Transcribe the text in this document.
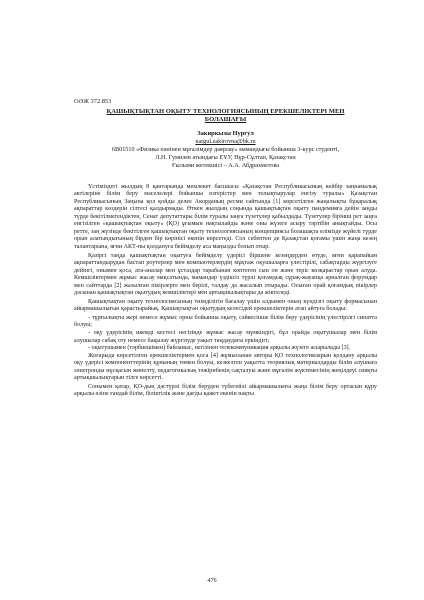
ОӘЖ 372.853

ҚАШЫҚТЫҚТАН ОҚЫТУ ТЕХНОЛОГИЯСЫНЫҢ ЕРЕКШЕЛІКТЕРІ МЕН
БОЛАШАҒЫ

Закиркызы Нургул

nargul.zakirovna@bk.ru

6В01510 «Физика пәнінен мұғалімдер даярлау» мамандығы бойынша 3-курс студенті,

Л.Н. Гумилев атындағы ЕҰУ, Нұр-Сұлтан, Қазақстан

Ғылыми жетекшісі – А.А. Абдрахметова

Үстіміздегі жылдың 8 қантарында мемлекет басшысы «Қазақстан Республикасының кейбір заңнамалық актілеріне білім беру мәселелері бойынша өзгерістер мен толықтырулар енгізу туралы» Қазақстан Республикасының Заңына қол қойды делее Акорданың ресми сайтында [1] көрсетілген жаңалықты бұқаралық ақпараттар көздерін сілтесі қалдырмады. Өткен жылдың соңында қашықтықтан оқыту пандемияға дейін заңды түрде бекітілмегендіктен, Сенат депутаттары білім туралы заңға түзетулер қабылдады. Түзетулер бірінші рет заңға енгізілген «қашықтықтан оқыту» (ҚО) ұғымын нақтылайды және оны жүзеге асыру тәртібін анықтайды. Осы ретте, заң жүзінде бекітілген қашықтықтан оқыту технологиясының концепциясы болашақта елімізде жүйелі түрде орын алатындығының бірден бір көрінісі екенін көрсетеді. Сол себептен де Қазақстан қоғамы үшін жаңа кезең талантарына, яғни АКТ-ны қолдануға бейімделу аса маңызды болып отыр.

Қазіргі таңда қашықтықтан оқытуға бейімделу үдерісі біршене кезеңдерден өтуде, яғни қарапайым ақпараттандырудан бастап роутерлер мен компьютерлердің мұқтаж оқушыларға үлестірілі, сабақтарды жүргізуге дейінгі, онымен қоса, ата-аналар мен ұстаздар тарабынан көптеген сын он және теріс көзқарастар орын алуда. Кемшіліктермен жұмыс жасау мақсатында, мамандар үздіксіз түрлі қоғамдық сұрақ-жауапқа арналған форумдар мен сайттарда [2] жазылған пікірлерге мен берілі, талдау да жасалып отырады. Осыған орай қоғамдық пікірлер дәсынан қашықтықтан оқытудың кемшіліктері мен артықшылықтары да жіктеледі.

Қашықтықтан оқыту технологиясының тиімділігін бағалау үшін алдымен оның күндізгі оқыту формасынан айырмашылығын қарастырайық. Қашықтықтан оқытудың келесідей ерекшеліктерін атап айтуға болады:

- тұрғылықты жері немесе жұмыс орны бойынша оқыту, сәйкесінше білім беру үдерісінің үлестірілгі сипатта болуы;

- оқу үдерісінің икемді кестесі негізінде жұмыс жасау мүмкіндігі, бұл орайда оқытушылар мен білім алушылар сабақ оту немесе бақылау жүргізуде уақыт таңдаудағы еркіндігі;

- оқытушымен (тәрбиешімен) байланыс, негізінен телекоммуникация арқылы жүзеге асырылады [3].

Жоғарыда көрсетілген ерекшеліктермен қоса [4] жұмысынан авторы ҚО технологияларын қолдану арқылы оқу үдерісі компоненттерінің құнының төмен болуы, кезкелген уақытта теориялық материалдарды білім алушыға электронды нұсқасын жөнелту, педагогикалық тәжірибенің сақталуы және мұғалім жүктемесінің жеңілдеуі сияқты артықшылықтарын тілге көрсетті.

Сонымен қатар, ҚО-дың дәстүрлі білім беруден түбегейлі айырмашылығы жаңа білім беру ортасын құру арқылы өзіне ғандай білім, біліктілік және дағды қажет екенін нақты

476
